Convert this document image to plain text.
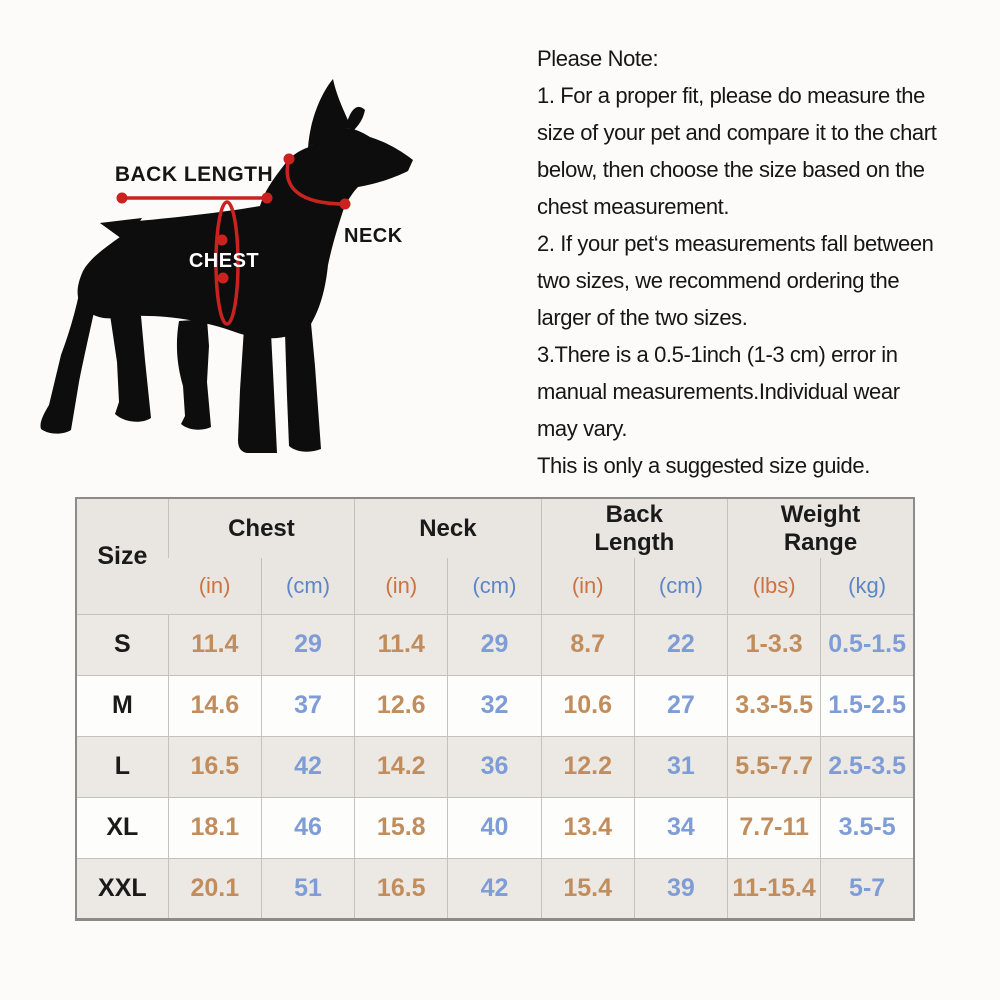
BACK LENGTH
NECK
CHEST
Please Note:
1. For a proper fit, please do measure the
size of your pet and compare it to the chart
below, then choose the size based on the
chest measurement.
2. If your pet‘s measurements fall between
two sizes, we recommend ordering the
larger of the two sizes.
3.There is a 0.5-1inch (1-3 cm) error in
manual measurements.Individual wear
may vary.
This is only a suggested size guide.
Size	Chest		Neck		Back Length		Weight Range	
	(in)	(cm)	(in)	(cm)	(in)	(cm)	(lbs)	(kg)
S	11.4	29	11.4	29	8.7	22	1-3.3	0.5-1.5
M	14.6	37	12.6	32	10.6	27	3.3-5.5	1.5-2.5
L	16.5	42	14.2	36	12.2	31	5.5-7.7	2.5-3.5
XL	18.1	46	15.8	40	13.4	34	7.7-11	3.5-5
XXL	20.1	51	16.5	42	15.4	39	11-15.4	5-7
